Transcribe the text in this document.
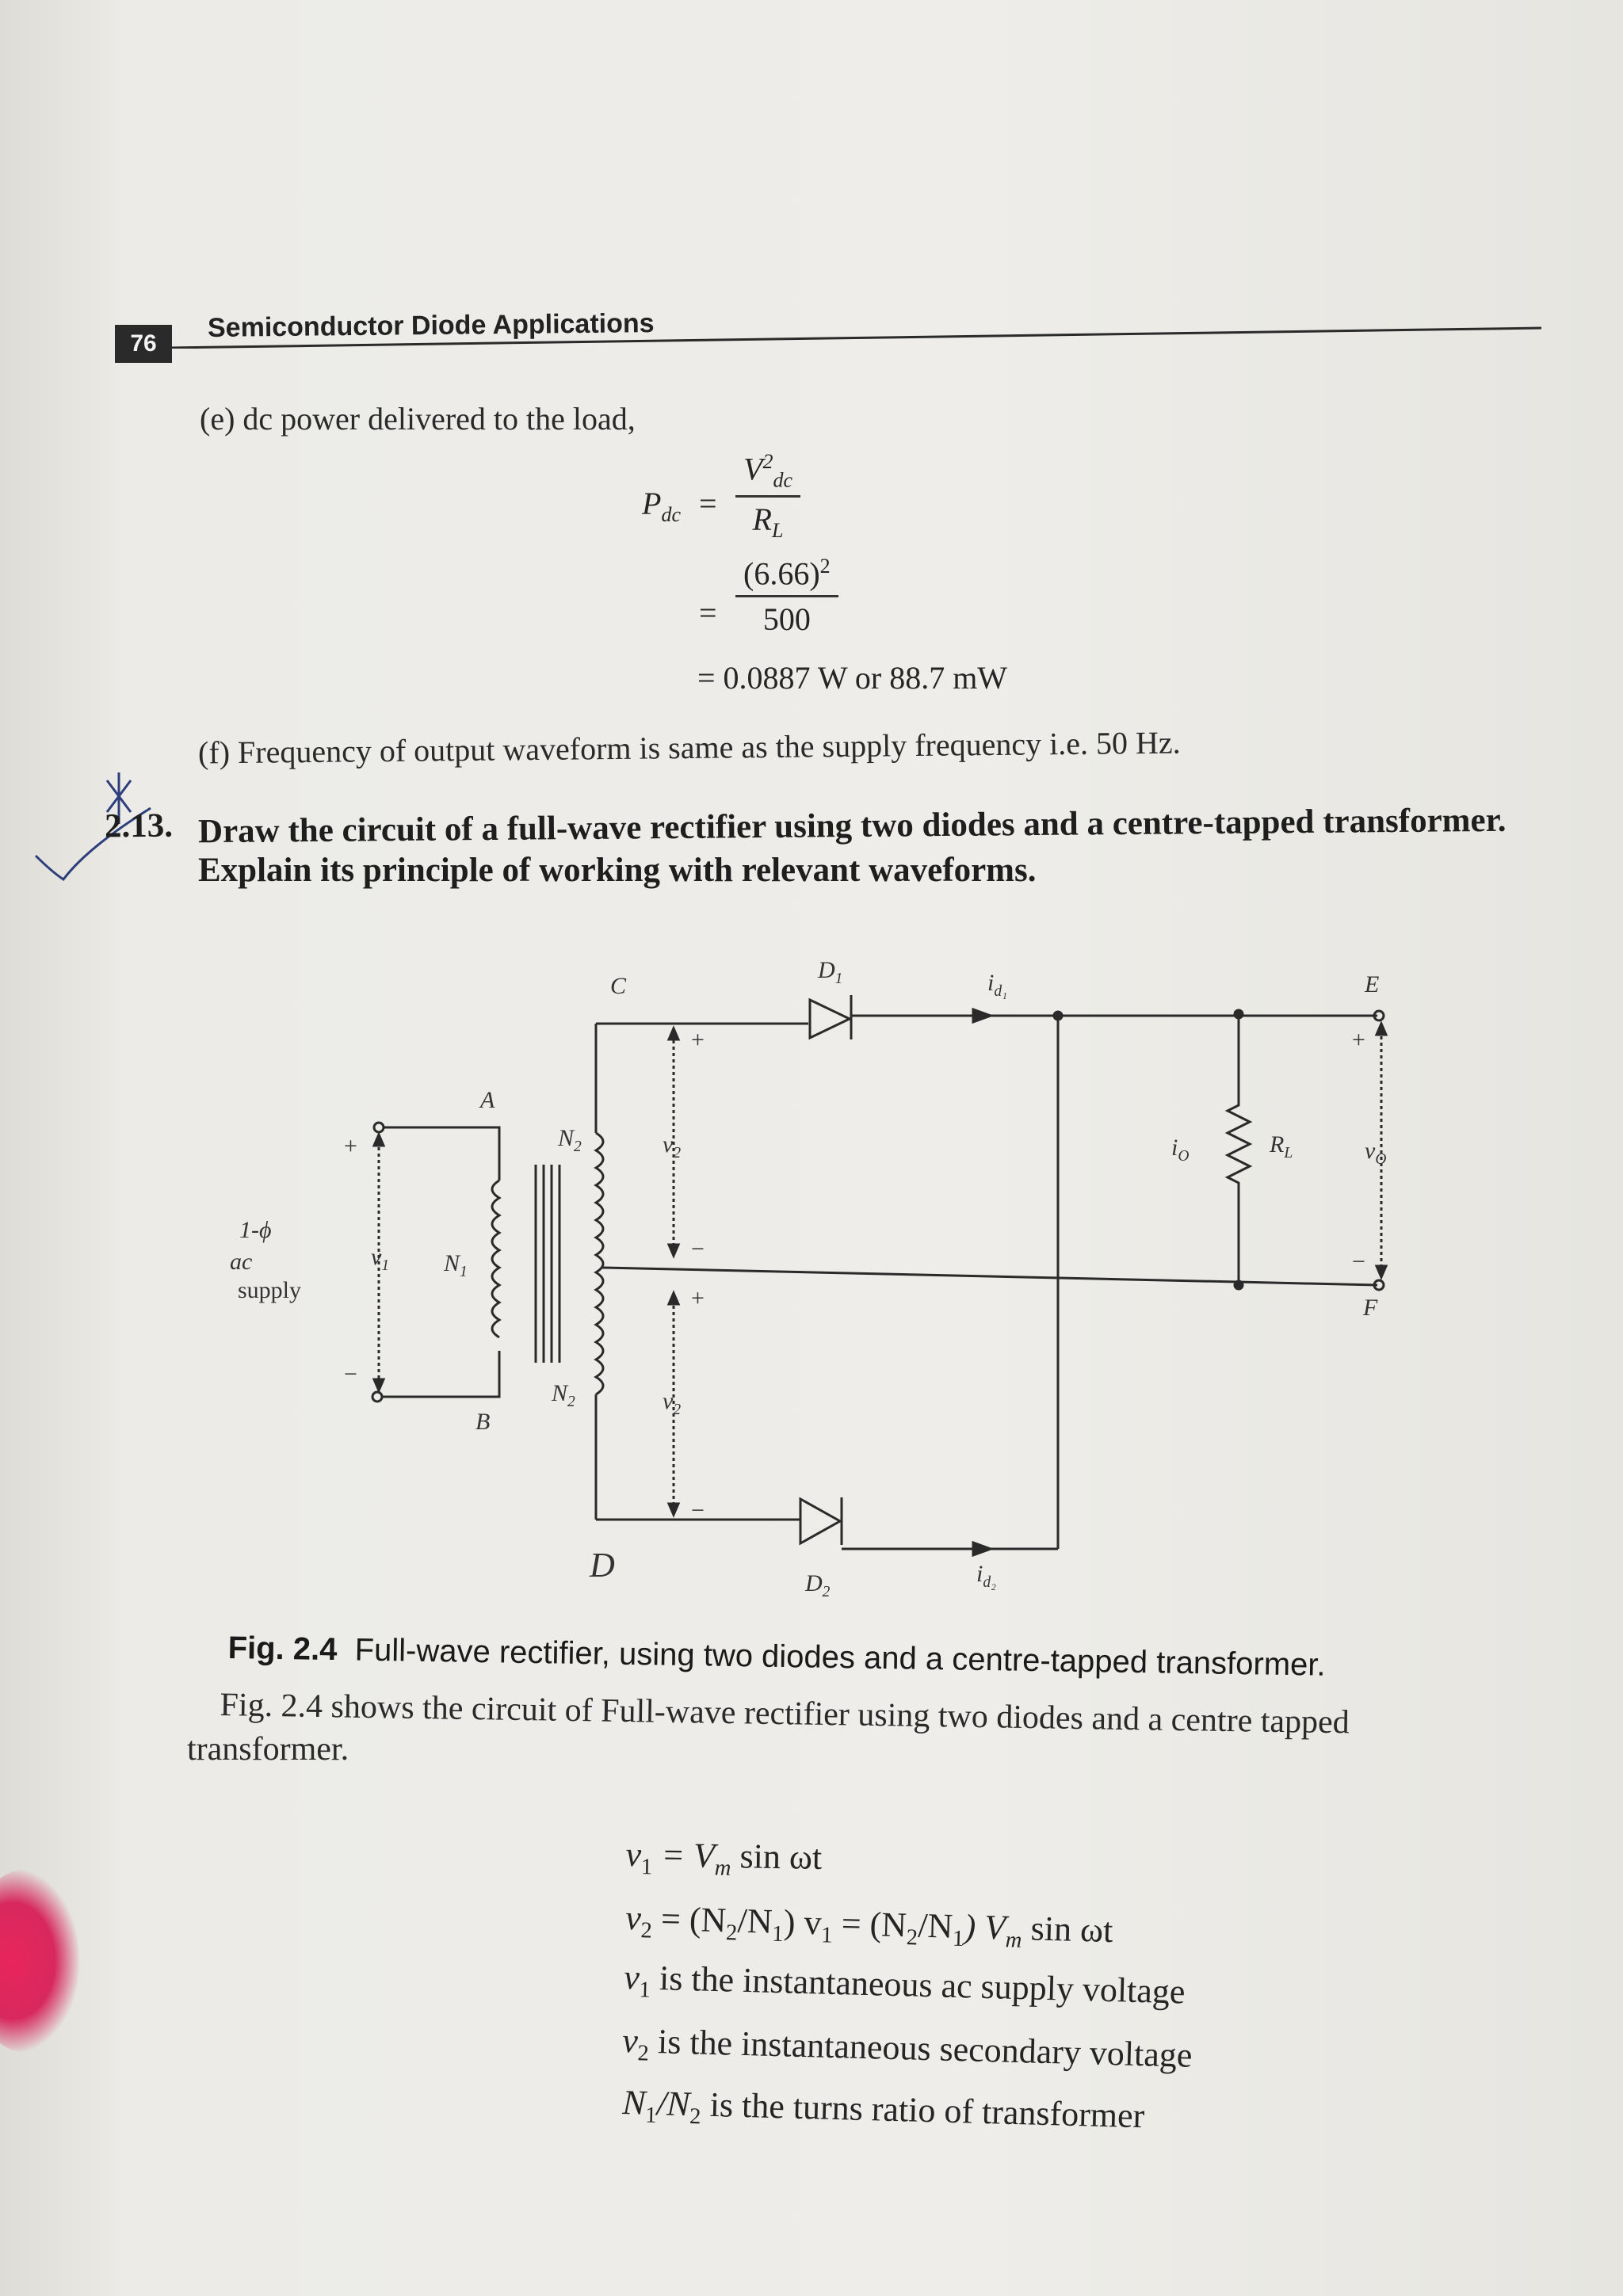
76
Semiconductor Diode Applications
(e) dc power delivered to the load,
$P_{dc} = \frac{V^2_{dc}}{R_L}$
= $\frac{(6.66)^2}{500}$
= 0.0887 W or 88.7 mW
(f) Frequency of output waveform is same as the supply frequency i.e. 50 Hz.
2.13. Draw the circuit of a full-wave rectifier using two diodes and a centre-tapped transformer.
Explain its principle of working with relevant waveforms.
1-ϕ
ac
supply
+
−
$v_1$ $N_1$
A
B
$N_2$
$N_2$
C
D
+
$v_2$
−
+
$v_2$
−
$D_1$
$D_2$
$i_{d_1}$
$i_{d_2}$
$i_O$	$R_L$
E
+
$v_O$
−
F
Fig. 2.4 Full-wave rectifier, using two diodes and a centre-tapped transformer.
Fig. 2.4 shows the circuit of Full-wave rectifier using two diodes and a centre tapped
transformer.
$v_1 = V_m$ sin ωt
$v_2 = (N_2/N_1) v_1 = (N_2/N_1)$ $V_m$ sin ωt
$v_1$ is the instantaneous ac supply voltage
$v_2$ is the instantaneous secondary voltage
$N_1/N_2$ is the turns ratio of transformer
